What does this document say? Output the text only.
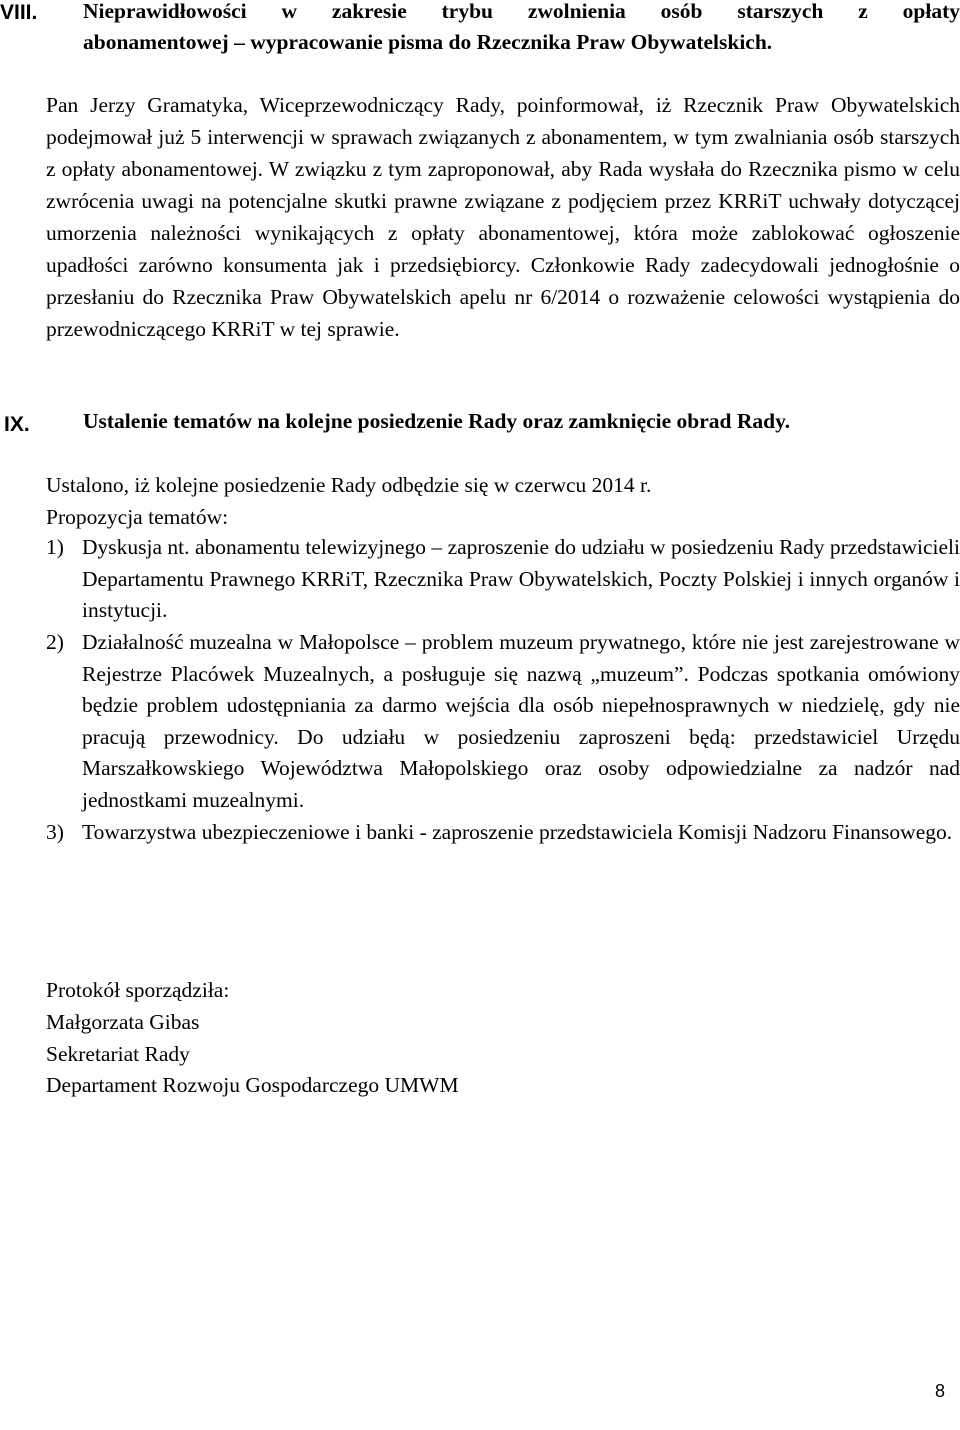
VIII. Nieprawidłowości w zakresie trybu zwolnienia osób starszych z opłaty
abonamentowej – wypracowanie pisma do Rzecznika Praw Obywatelskich.

Pan Jerzy Gramatyka, Wiceprzewodniczący Rady, poinformował, iż Rzecznik Praw Obywatelskich podejmował już 5 interwencji w sprawach związanych z abonamentem, w tym zwalniania osób starszych z opłaty abonamentowej. W związku z tym zaproponował, aby Rada wysłała do Rzecznika pismo w celu zwrócenia uwagi na potencjalne skutki prawne związane z podjęciem przez KRRiT uchwały dotyczącej umorzenia należności wynikających z opłaty abonamentowej, która może zablokować ogłoszenie upadłości zarówno konsumenta jak i przedsiębiorcy. Członkowie Rady zadecydowali jednogłośnie o przesłaniu do Rzecznika Praw Obywatelskich apelu nr 6/2014 o rozważenie celowości wystąpienia do przewodniczącego KRRiT w tej sprawie.

IX. Ustalenie tematów na kolejne posiedzenie Rady oraz zamknięcie obrad Rady.
Ustalono, iż kolejne posiedzenie Rady odbędzie się w czerwcu 2014 r.
Propozycja tematów:
1) Dyskusja nt. abonamentu telewizyjnego – zaproszenie do udziału w posiedzeniu Rady przedstawicieli Departamentu Prawnego KRRiT, Rzecznika Praw Obywatelskich, Poczty Polskiej i innych organów i instytucji.
2) Działalność muzealna w Małopolsce – problem muzeum prywatnego, które nie jest zarejestrowane w Rejestrze Placówek Muzealnych, a posługuje się nazwą „muzeum”. Podczas spotkania omówiony będzie problem udostępniania za darmo wejścia dla osób niepełnosprawnych w niedzielę, gdy nie pracują przewodnicy. Do udziału w posiedzeniu zaproszeni będą: przedstawiciel Urzędu Marszałkowskiego Województwa Małopolskiego oraz osoby odpowiedzialne za nadzór nad jednostkami muzealnymi.
3) Towarzystwa ubezpieczeniowe i banki - zaproszenie przedstawiciela Komisji Nadzoru Finansowego.
Protokół sporządziła:
Małgorzata Gibas
Sekretariat Rady
Departament Rozwoju Gospodarczego UMWM
8
